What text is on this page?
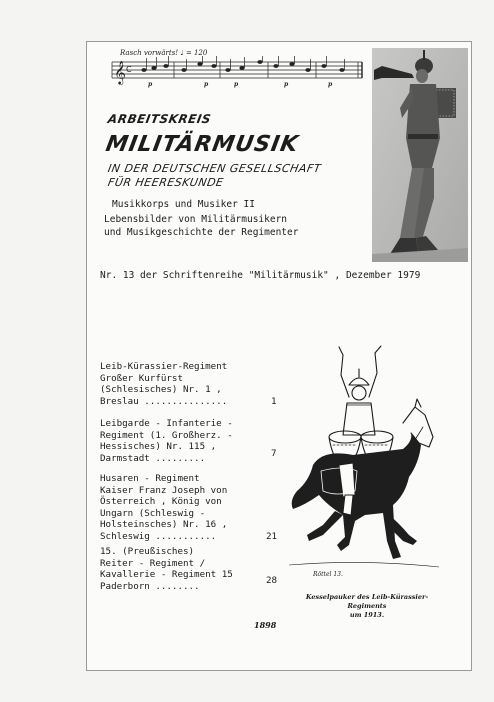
Rasch vorwärts! ♩ = 120
𝄞 C
p	p	p	p	p
ARBEITSKREIS
MILITÄRMUSIK
IN DER DEUTSCHEN GESELLSCHAFT
FÜR HEERESKUNDE
Musikkorps und Musiker II
Lebensbilder von Militärmusikern
und Musikgeschichte der Regimenter
Nr. 13 der Schriftenreihe "Militärmusik" , Dezember 1979
Leib-Kürassier-Regiment
Großer Kurfürst
(Schlesisches) Nr. 1 ,
Breslau ...............	1
Leibgarde - Infanterie -
Regiment (1. Großherz. -
Hessisches) Nr. 115 ,
Darmstadt .........	7
Husaren - Regiment
Kaiser Franz Joseph von
Österreich , König von
Ungarn (Schleswig -
Holsteinsches) Nr. 16 ,
Schleswig ...........	21
15. (Preußisches)
Reiter - Regiment /
Kavallerie - Regiment 15
Paderborn ........
28
Röttel 13.
Kesselpauker des Leib-Kürassier-Regiments
um 1913.
1898
